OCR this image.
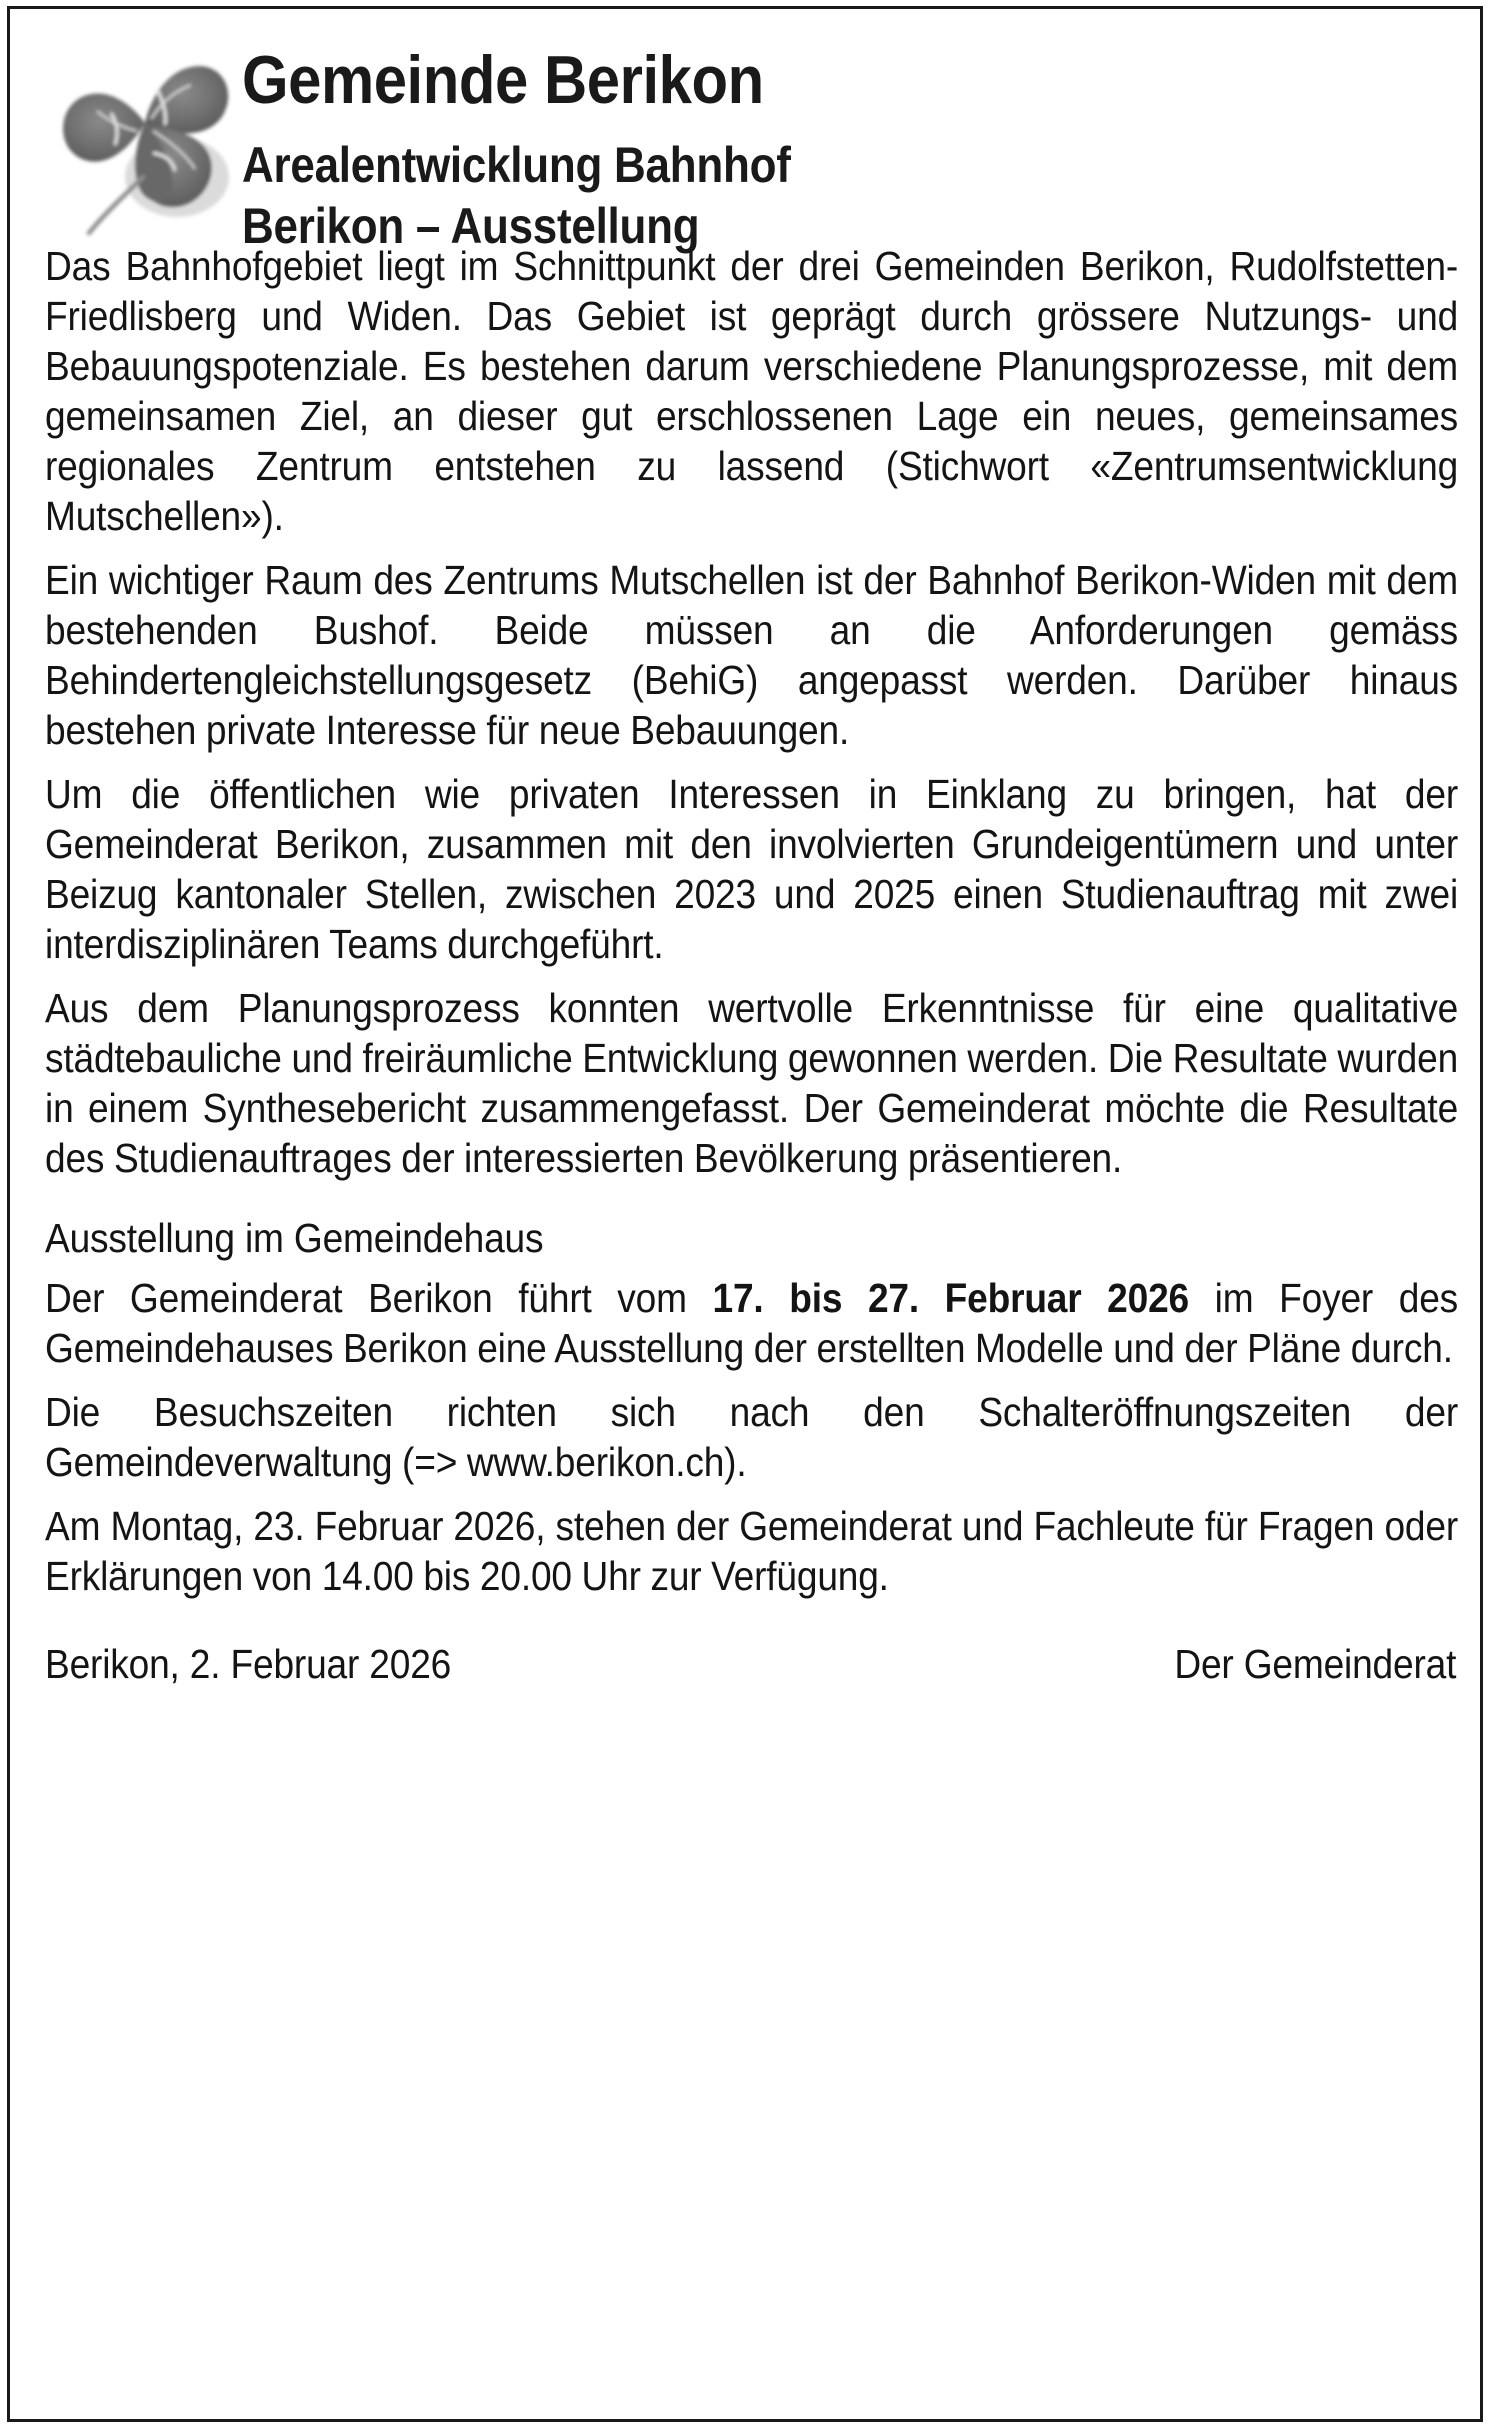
Gemeinde Berikon
Arealentwicklung Bahnhof
Berikon – Ausstellung

Das Bahnhofgebiet liegt im Schnittpunkt der drei Gemeinden Berikon, Rudolfstetten-Friedlisberg und Widen. Das Gebiet ist geprägt durch grössere Nutzungs- und Bebauungspotenziale. Es bestehen darum verschiedene Planungsprozesse, mit dem gemeinsamen Ziel, an dieser gut erschlossenen Lage ein neues, gemeinsames regionales Zentrum entstehen zu lassend (Stichwort «Zentrumsentwicklung Mutschellen»).

Ein wichtiger Raum des Zentrums Mutschellen ist der Bahnhof Berikon-Widen mit dem bestehenden Bushof. Beide müssen an die Anforderungen gemäss Behindertengleichstellungsgesetz (BehiG) angepasst werden. Darüber hinaus bestehen private Interesse für neue Bebauungen.

Um die öffentlichen wie privaten Interessen in Einklang zu bringen, hat der Gemeinderat Berikon, zusammen mit den involvierten Grundeigentümern und unter Beizug kantonaler Stellen, zwischen 2023 und 2025 einen Studienauftrag mit zwei interdisziplinären Teams durchgeführt.

Aus dem Planungsprozess konnten wertvolle Erkenntnisse für eine qualitative städtebauliche und freiräumliche Entwicklung gewonnen werden. Die Resultate wurden in einem Synthesebericht zusammengefasst. Der Gemeinderat möchte die Resultate des Studienauftrages der interessierten Bevölkerung präsentieren.

Ausstellung im Gemeindehaus

Der Gemeinderat Berikon führt vom 17. bis 27. Februar 2026 im Foyer des Gemeindehauses Berikon eine Ausstellung der erstellten Modelle und der Pläne durch.

Die Besuchszeiten richten sich nach den Schalteröffnungszeiten der Gemeindeverwaltung (=> www.berikon.ch).

Am Montag, 23. Februar 2026, stehen der Gemeinderat und Fachleute für Fragen oder Erklärungen von 14.00 bis 20.00 Uhr zur Verfügung.

Berikon, 2. Februar 2026	Der Gemeinderat
